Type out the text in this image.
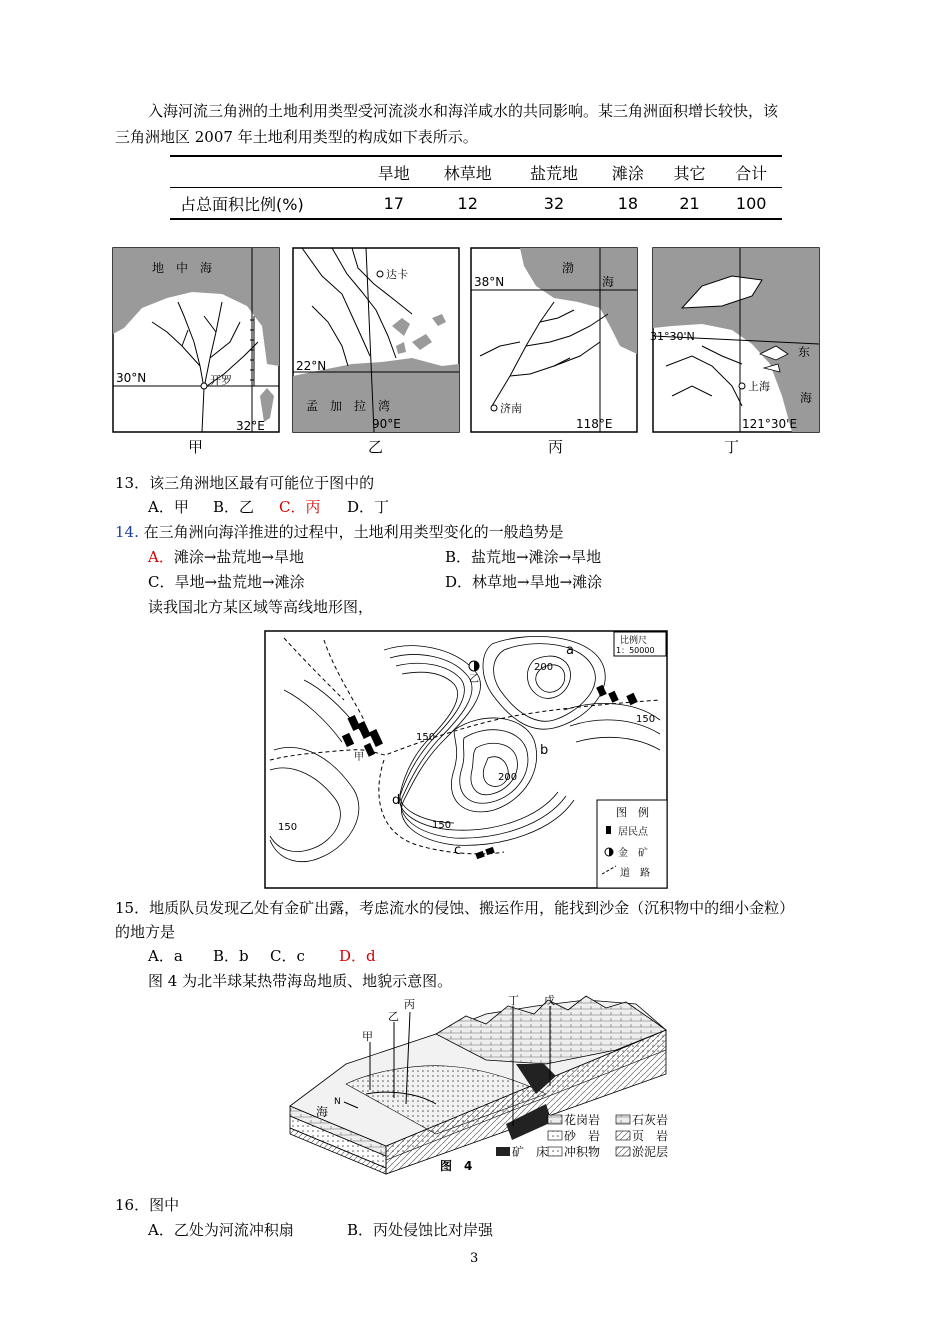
入海河流三角洲的土地利用类型受河流淡水和海洋咸水的共同影响。某三角洲面积增长较快，该
三角洲地区 2007 年土地利用类型的构成如下表所示。
	旱地	林草地	盐荒地	滩涂	其它	合计
占总面积比例(%)	17	12	32	18	21	100
地　中　海
30°N	开罗
32°E
达卡
22°N
孟　加　拉　湾
90°E
渤
海
38°N
济南
118°E
31°30'N
东
海
上海
121°30'E
甲	乙	丙	丁
13．该三角洲地区最有可能位于图中的
A．甲 B．乙 C．丙 D．丁
14. 在三角洲向海洋推进的过程中，土地利用类型变化的一般趋势是
A．滩涂→盐荒地→旱地	B．盐荒地→滩涂→旱地
C．旱地→盐荒地→滩涂	D．林草地→旱地→滩涂
读我国北方某区域等高线地形图，
a
b
c
d
甲
乙
200
150
150
200
150
150
比例尺
1：50000
图　例
居民点
金　矿
道　路
15．地质队员发现乙处有金矿出露，考虑流水的侵蚀、搬运作用，能找到沙金（沉积物中的细小金粒）
的地方是
A．a B．b C．c D．d
图 4 为北半球某热带海岛地质、地貌示意图。
甲
乙
丙	丁 戊
海
N
花岗岩	石灰岩
砂　岩	页　岩
矿　床 冲积物	淤泥层
图　4
16．图中
A．乙处为河流冲积扇	B．丙处侵蚀比对岸强
3
